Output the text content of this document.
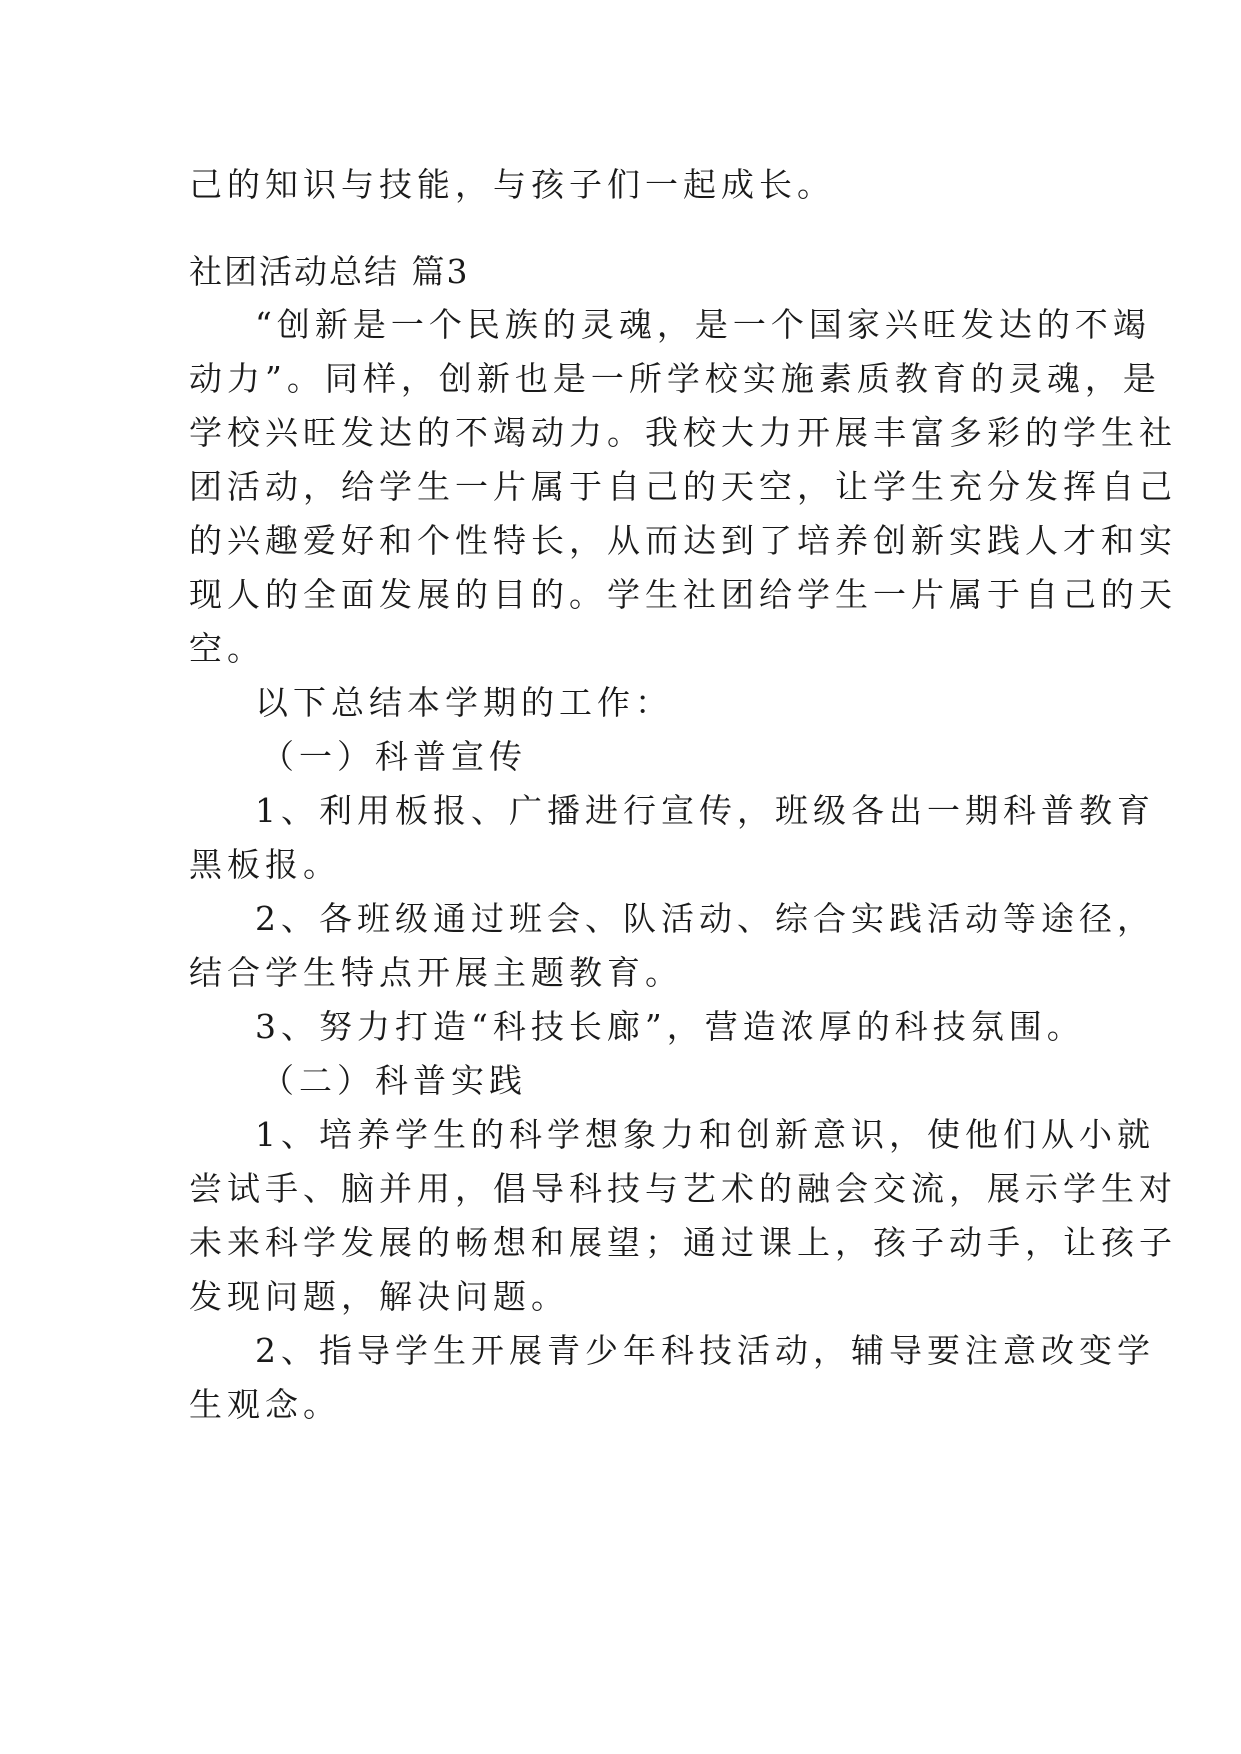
己的知识与技能，与孩子们一起成长。
社团活动总结 篇3
“创新是一个民族的灵魂，是一个国家兴旺发达的不竭
动力”。同样，创新也是一所学校实施素质教育的灵魂，是
学校兴旺发达的不竭动力。我校大力开展丰富多彩的学生社
团活动，给学生一片属于自己的天空，让学生充分发挥自己
的兴趣爱好和个性特长，从而达到了培养创新实践人才和实
现人的全面发展的目的。学生社团给学生一片属于自己的天
空。
以下总结本学期的工作：
（一）科普宣传
1、利用板报、广播进行宣传，班级各出一期科普教育
黑板报。
2、各班级通过班会、队活动、综合实践活动等途径，
结合学生特点开展主题教育。
3、努力打造“科技长廊”，营造浓厚的科技氛围。
（二）科普实践
1、培养学生的科学想象力和创新意识，使他们从小就
尝试手、脑并用，倡导科技与艺术的融会交流，展示学生对
未来科学发展的畅想和展望；通过课上，孩子动手，让孩子
发现问题，解决问题。
2、指导学生开展青少年科技活动，辅导要注意改变学
生观念。
